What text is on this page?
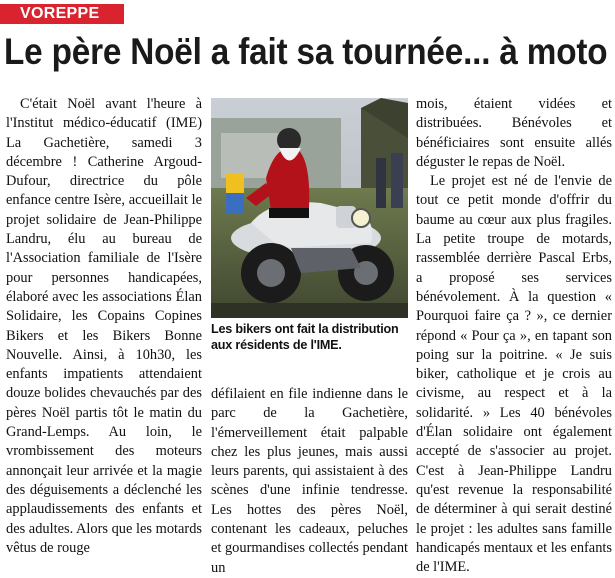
VOREPPE
Le père Noël a fait sa tournée... à moto

C'était Noël avant l'heure à l'Institut médico-éducatif (IME) La Gachetière, samedi 3 décembre ! Catherine Argoud-Dufour, directrice du pôle enfance centre Isère, accueillait le projet solidaire de Jean-Philippe Landru, élu au bureau de l'Association familiale de l'Isère pour personnes handicapées, élaboré avec les associations Élan Solidaire, les Copains Copines Bikers et les Bikers Bonne Nouvelle. Ainsi, à 10h30, les enfants impatients attendaient douze bolides chevauchés par des pères Noël partis tôt le matin du Grand-Lemps. Au loin, le vrombissement des moteurs annonçait leur arrivée et la magie des déguisements a déclenché les applaudissements des enfants et des adultes. Alors que les motards vêtus de rouge

Les bikers ont fait la distribution aux résidents de l'IME.

défilaient en file indienne dans le parc de la Gachetière, l'émerveillement était palpable chez les plus jeunes, mais aussi leurs parents, qui assistaient à des scènes d'une infinie tendresse. Les hottes des pères Noël, contenant les cadeaux, peluches et gourmandises collectés pendant un

mois, étaient vidées et distribuées. Bénévoles et bénéficiaires sont ensuite allés déguster le repas de Noël.

Le projet est né de l'envie de tout ce petit monde d'offrir du baume au cœur aux plus fragiles. La petite troupe de motards, rassemblée derrière Pascal Erbs, a proposé ses services bénévolement. À la question « Pourquoi faire ça ? », ce dernier répond « Pour ça », en tapant son poing sur la poitrine. « Je suis biker, catholique et je crois au civisme, au respect et à la solidarité. » Les 40 bénévoles d'Élan solidaire ont également accepté de s'associer au projet. C'est à Jean-Philippe Landru qu'est revenue la responsabilité de déterminer à qui serait destiné le projet : les adultes sans famille handicapés mentaux et les enfants de l'IME.
